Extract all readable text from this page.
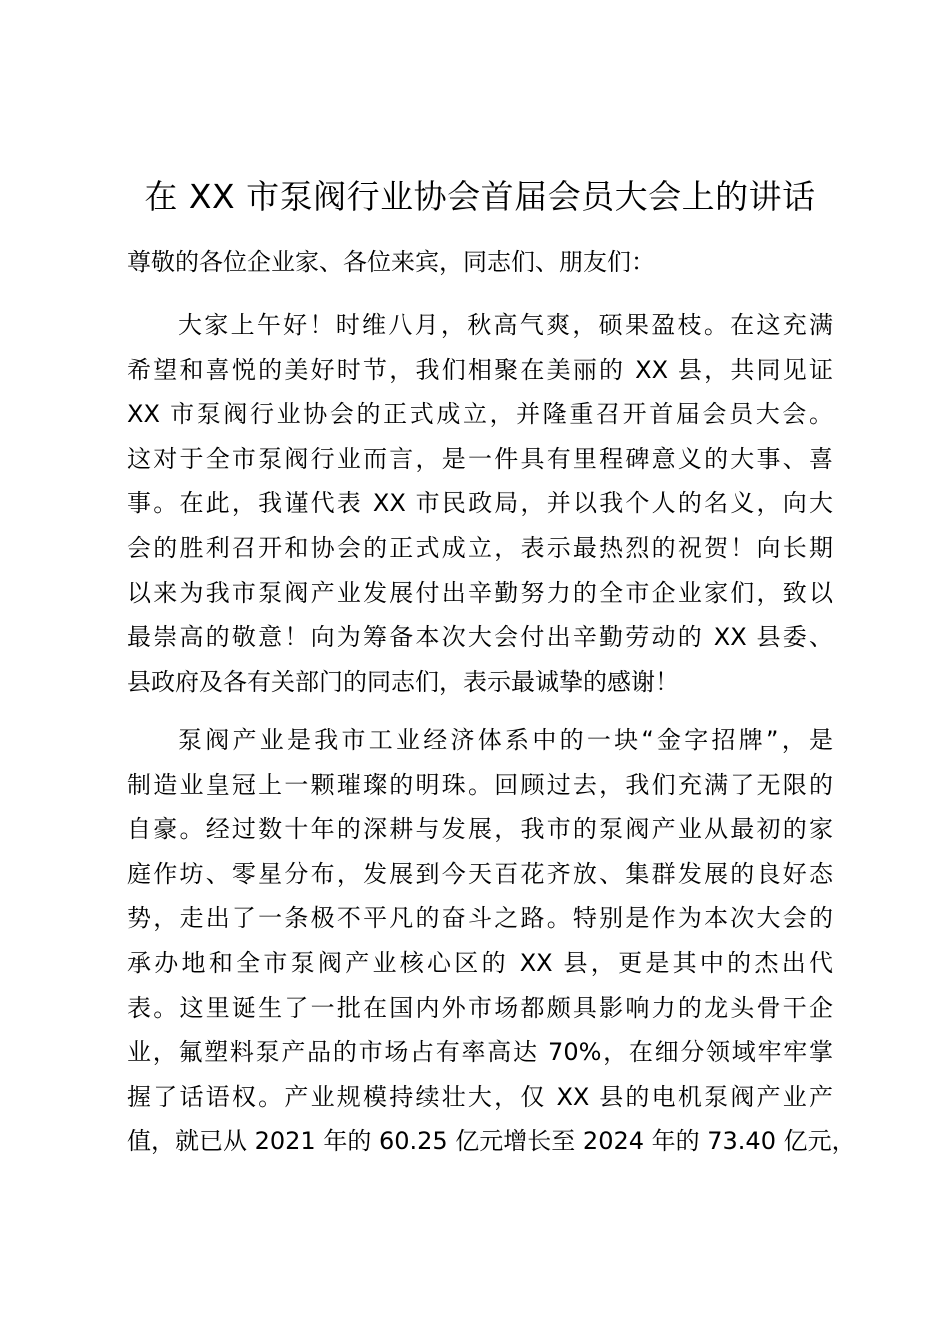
在 XX 市泵阀行业协会首届会员大会上的讲话
尊敬的各位企业家、各位来宾，同志们、朋友们：
大家上午好！时维八月，秋高气爽，硕果盈枝。在这充满
希望和喜悦的美好时节，我们相聚在美丽的 XX 县，共同见证
XX 市泵阀行业协会的正式成立，并隆重召开首届会员大会。
这对于全市泵阀行业而言，是一件具有里程碑意义的大事、喜
事。在此，我谨代表 XX 市民政局，并以我个人的名义，向大
会的胜利召开和协会的正式成立，表示最热烈的祝贺！向长期
以来为我市泵阀产业发展付出辛勤努力的全市企业家们，致以
最崇高的敬意！向为筹备本次大会付出辛勤劳动的 XX 县委、
县政府及各有关部门的同志们，表示最诚挚的感谢！
泵阀产业是我市工业经济体系中的一块“金字招牌”，是
制造业皇冠上一颗璀璨的明珠。回顾过去，我们充满了无限的
自豪。经过数十年的深耕与发展，我市的泵阀产业从最初的家
庭作坊、零星分布，发展到今天百花齐放、集群发展的良好态
势，走出了一条极不平凡的奋斗之路。特别是作为本次大会的
承办地和全市泵阀产业核心区的 XX 县，更是其中的杰出代
表。这里诞生了一批在国内外市场都颇具影响力的龙头骨干企
业，氟塑料泵产品的市场占有率高达 70%，在细分领域牢牢掌
握了话语权。产业规模持续壮大，仅 XX 县的电机泵阀产业产
值，就已从 2021 年的 60.25 亿元增长至 2024 年的 73.40 亿元，
